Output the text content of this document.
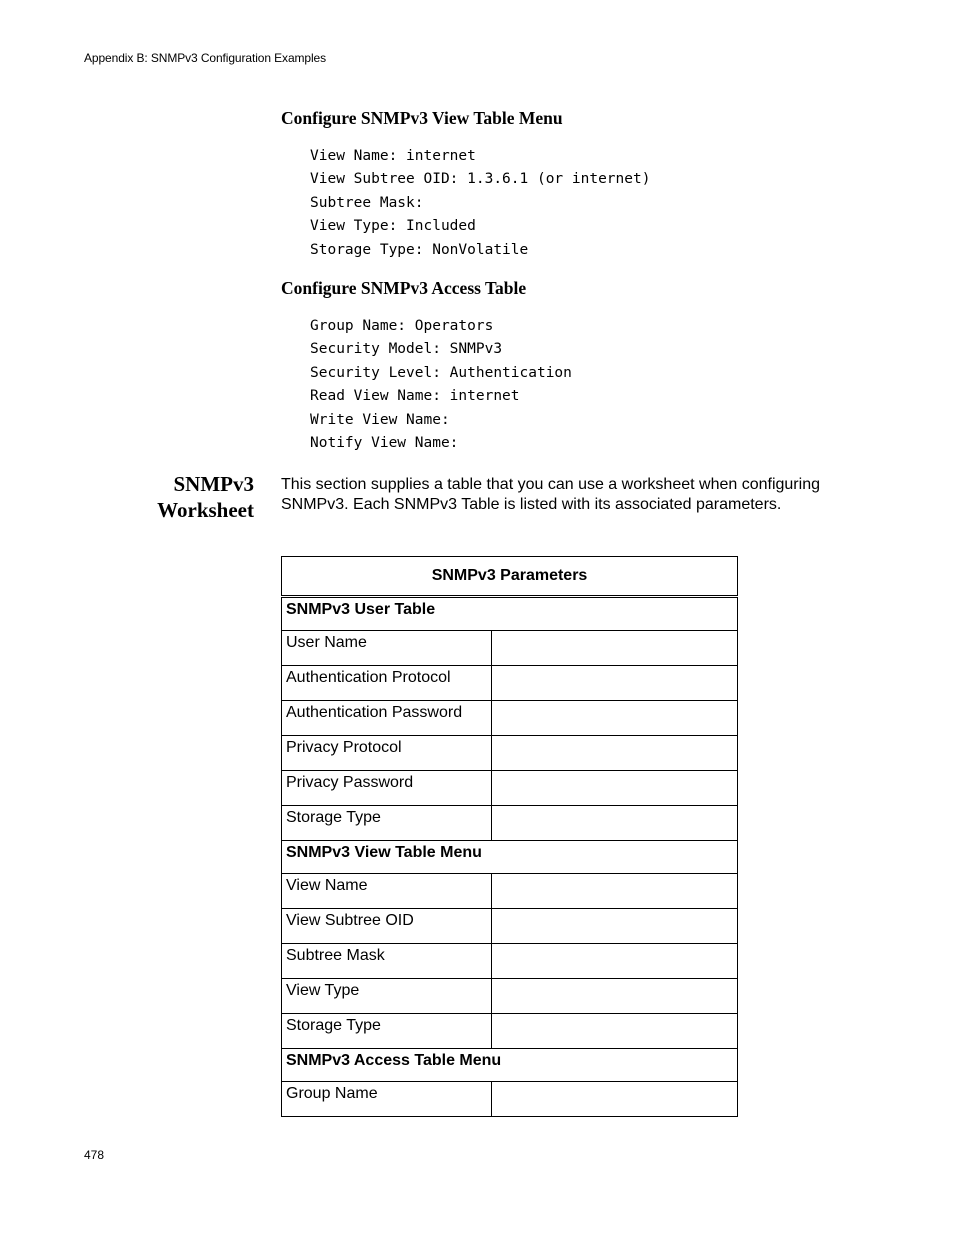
Appendix B: SNMPv3 Configuration Examples
Configure SNMPv3 View Table Menu
View Name: internet
View Subtree OID: 1.3.6.1 (or internet)
Subtree Mask:
View Type: Included
Storage Type: NonVolatile
Configure SNMPv3 Access Table
Group Name: Operators
Security Model: SNMPv3
Security Level: Authentication
Read View Name: internet
Write View Name:
Notify View Name:
SNMPv3
Worksheet

This section supplies a table that you can use a worksheet when configuring SNMPv3. Each SNMPv3 Table is listed with its associated parameters.

SNMPv3 Parameters	
SNMPv3 User Table	
User Name	
Authentication Protocol	
Authentication Password	
Privacy Protocol	
Privacy Password	
Storage Type	
SNMPv3 View Table Menu	
View Name	
View Subtree OID	
Subtree Mask	
View Type	
Storage Type	
SNMPv3 Access Table Menu	
Group Name	
478
